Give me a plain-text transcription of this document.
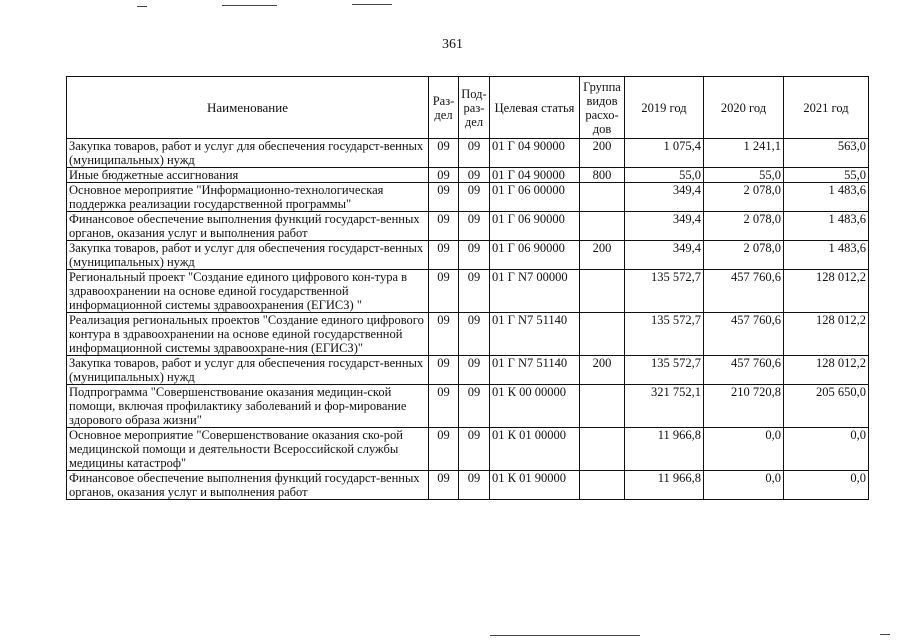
361
Наименование	Раз-дел	Под-раз-дел	Целевая статья	Группа видов расхо-дов	2019 год	2020 год	2021 год
Закупка товаров, работ и услуг для обеспечения государст-венных (муниципальных) нужд	09	09	01 Г 04 90000	200	1 075,4	1 241,1	563,0
Иные бюджетные ассигнования	09	09	01 Г 04 90000	800	55,0	55,0	55,0
Основное мероприятие "Информационно-технологическая поддержка реализации государственной программы"	09	09	01 Г 06 00000		349,4	2 078,0	1 483,6
Финансовое обеспечение выполнения функций государст-венных органов, оказания услуг и выполнения работ	09	09	01 Г 06 90000		349,4	2 078,0	1 483,6
Закупка товаров, работ и услуг для обеспечения государст-венных (муниципальных) нужд	09	09	01 Г 06 90000	200	349,4	2 078,0	1 483,6
Региональный проект "Создание единого цифрового кон-тура в здравоохранении на основе единой государственной информационной системы здравоохранения (ЕГИСЗ) "	09	09	01 Г N7 00000		135 572,7	457 760,6	128 012,2
Реализация региональных проектов "Создание единого цифрового контура в здравоохранении на основе единой государственной информационной системы здравоохране-ния (ЕГИСЗ)"	09	09	01 Г N7 51140		135 572,7	457 760,6	128 012,2
Закупка товаров, работ и услуг для обеспечения государст-венных (муниципальных) нужд	09	09	01 Г N7 51140	200	135 572,7	457 760,6	128 012,2
Подпрограмма "Совершенствование оказания медицин-ской помощи, включая профилактику заболеваний и фор-мирование здорового образа жизни"	09	09	01 К 00 00000		321 752,1	210 720,8	205 650,0
Основное мероприятие "Совершенствование оказания ско-рой медицинской помощи и деятельности Всероссийской службы медицины катастроф"	09	09	01 К 01 00000		11 966,8	0,0	0,0
Финансовое обеспечение выполнения функций государст-венных органов, оказания услуг и выполнения работ	09	09	01 К 01 90000		11 966,8	0,0	0,0
